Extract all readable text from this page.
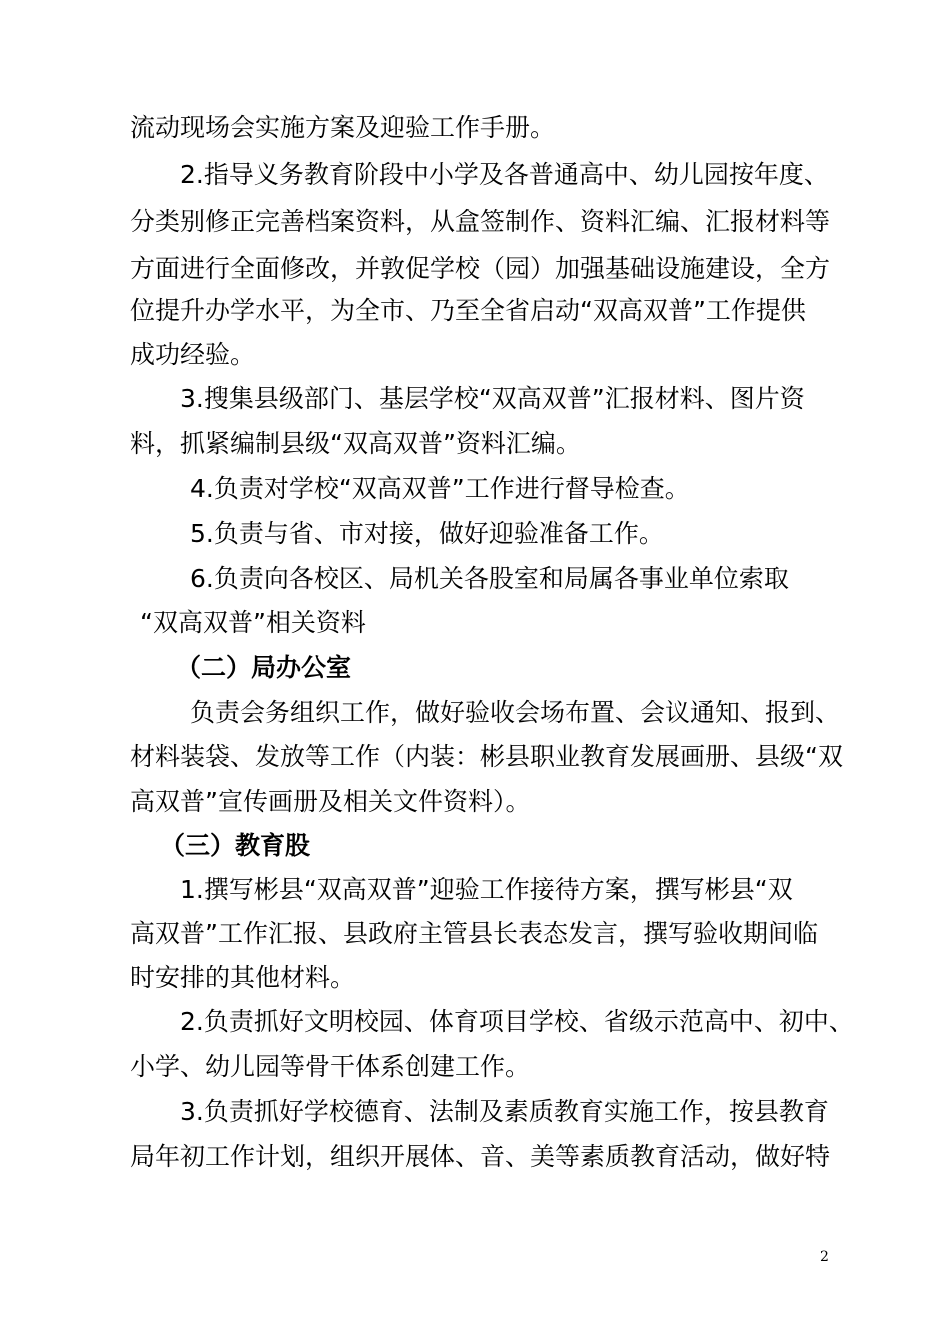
流动现场会实施方案及迎验工作手册。
2.指导义务教育阶段中小学及各普通高中、幼儿园按年度、
分类别修正完善档案资料，从盒签制作、资料汇编、汇报材料等
方面进行全面修改，并敦促学校（园）加强基础设施建设，全方
位提升办学水平，为全市、乃至全省启动“双高双普”工作提供
成功经验。
3.搜集县级部门、基层学校“双高双普”汇报材料、图片资
料，抓紧编制县级“双高双普”资料汇编。
4.负责对学校“双高双普”工作进行督导检查。
5.负责与省、市对接，做好迎验准备工作。
6.负责向各校区、局机关各股室和局属各事业单位索取
“双高双普”相关资料
（二）局办公室
负责会务组织工作，做好验收会场布置、会议通知、报到、
材料装袋、发放等工作（内装：彬县职业教育发展画册、县级“双
高双普”宣传画册及相关文件资料）。
（三）教育股
1.撰写彬县“双高双普”迎验工作接待方案，撰写彬县“双
高双普”工作汇报、县政府主管县长表态发言，撰写验收期间临
时安排的其他材料。
2.负责抓好文明校园、体育项目学校、省级示范高中、初中、
小学、幼儿园等骨干体系创建工作。
3.负责抓好学校德育、法制及素质教育实施工作，按县教育
局年初工作计划，组织开展体、音、美等素质教育活动，做好特
2
